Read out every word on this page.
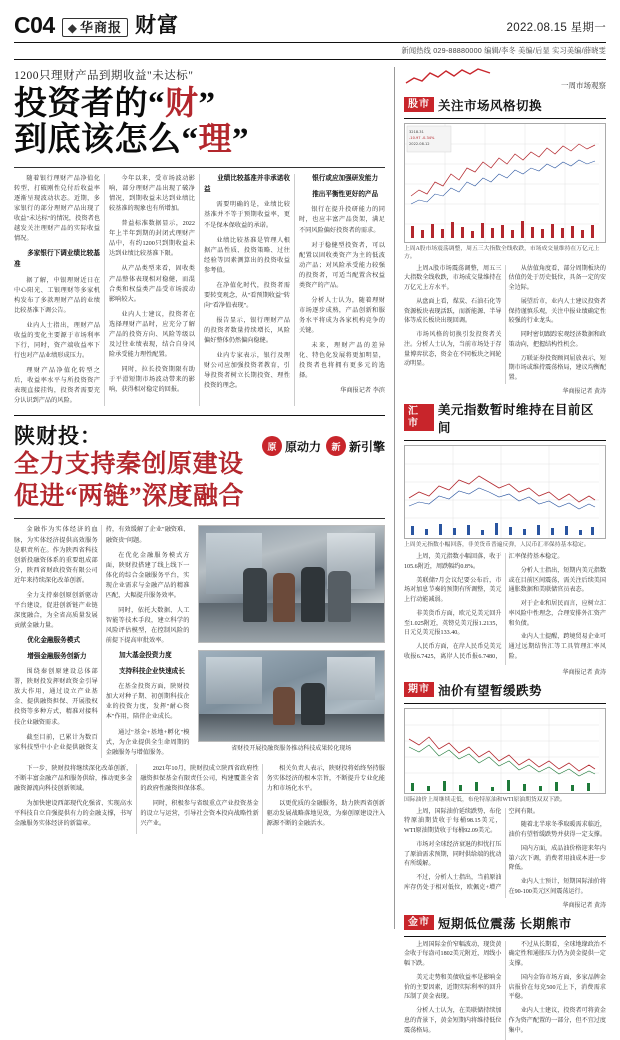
C04 ◆ 华商报 财富	2022.08.15 星期一
新闻热线 029-88880000 编辑/李冬 美编/后显 实习美编/薛晓雯
1200只理财产品到期收益"未达标"
投资者的“财”
到底该怎么“理”

随着银行理财产品净值化转型，打破刚性兑付后收益率逐渐呈现波动状态。近期，多家银行的部分理财产品出现了收益"未达标"的情况，投资者也越发关注理财产品的实际收益情况。

多家银行下调业绩比较基准

据了解，中银理财近日在中心阳光、工银理财等多家机构发布了多款理财产品的业绩比较基准下调公告。

业内人士指出，理财产品收益的变化主要源于市场利率下行，同时，资产端收益率下行也对产品业绩形成压力。

理财产品净值化转型之后，收益率水平与所投资资产表现直接挂钩，投资者需要充分认识到产品的风险。

今年以来，受市场波动影响，部分理财产品出现了破净情况，到期收益未达到业绩比较基准的现象也有所增加。

普益标准数据显示，2022年上半年到期的封闭式理财产品中，有约1200只到期收益未达到业绩比较基准下限。

从产品类型来看，固收类产品整体表现相对稳健，而混合类和权益类产品受市场波动影响较大。

业内人士建议，投资者在选择理财产品时，应充分了解产品的投资方向、风险等级以及过往业绩表现，结合自身风险承受能力理性配置。

同时，拉长投资期限有助于平滑短期市场波动带来的影响，获得相对稳定的回报。

业绩比较基准并非承诺收益

需要明确的是，业绩比较基准并不等于预期收益率，更不是保本保收益的承诺。

业绩比较基准是管理人根据产品性质、投资策略、过往经验等因素测算出的投资收益参考值。

在净值化时代，投资者需要转变观念，从"看预期收益"转向"看净值表现"。

报告显示，银行理财产品的投资者数量持续增长，风险偏好整体仍然偏向稳健。

业内专家表示，银行及理财公司应加强投资者教育，引导投资者树立长期投资、理性投资的理念。

银行或应加强研发能力

推出平衡性更好的产品

银行在提升投研能力的同时，也应丰富产品货架，满足不同风险偏好投资者的需求。

对于稳健型投资者，可以配置以固收类资产为主的低波动产品；对风险承受能力较强的投资者，可适当配置含权益类资产的产品。

分析人士认为，随着理财市场逐步成熟，产品创新和服务水平将成为各家机构竞争的关键。

未来，理财产品的差异化、特色化发展将更加明显，投资者也将拥有更多元的选择。

华商报记者 李滨

陕财投：
全力支持秦创原建设
促进“两链”深度融合
原 原动力	新 新引擎

金融作为实体经济的血脉，为实体经济提供高效服务是职责所在。作为陕西省科技创新投融资体系的重要组成部分，陕西省财政投资有限公司近年来持续深化改革创新。

全力支持秦创原创新驱动平台建设，促进创新链产业链深度融合，为全省高质量发展贡献金融力量。

优化金融服务模式

增强金融服务创新力

围绕秦创原建设总体部署，陕财投发挥财政资金引导放大作用，通过设立产业基金、提供融资担保、开展股权投资等多种方式，精准对接科技企业融资需求。

截至目前，已累计为数百家科技型中小企业提供融资支持，有效缓解了企业"融资难、融资贵"问题。

在优化金融服务模式方面，陕财投搭建了线上线下一体化的综合金融服务平台，实现企业需求与金融产品的精准匹配，大幅提升服务效率。

同时，依托大数据、人工智能等技术手段，建立科学的风险评估模型，在控制风险的前提下提高审批效率。

加大基金投资力度

支持科技企业快速成长

在基金投资方面，陕财投加大对种子期、初创期科技企业的投资力度，发挥"耐心资本"作用，陪伴企业成长。

通过"基金+基地+孵化"模式，为企业提供全生命周期的金融服务与增值服务。	省财投开展投融资服务推动科技成果转化现场

下一步，陕财投将继续深化改革创新，不断丰富金融产品和服务供给，推动更多金融资源流向科技创新领域。

为加快建设西部现代化强省、实现高水平科技自立自强提供有力的金融支撑，书写金融服务实体经济的新篇章。

2021年10月，陕财投成立陕西省政府性融资担保基金有限责任公司，构建覆盖全省的政府性融资担保体系。

同时，积极参与省级重点产业投资基金的设立与运营，引导社会资本投向战略性新兴产业。

相关负责人表示，陕财投将始终坚持服务实体经济的根本宗旨，不断提升专业化能力和市场化水平。

以更优质的金融服务，助力陕西省创新驱动发展战略落地见效，为秦创原建设注入源源不断的金融活水。

一周市场观察
股市 关注市场风格切换
3218.31
-10.97 -0.34%
2022.08.12
上周A股市场震荡调整，周五三大指数全线收跌，市场成交量维持在万亿元上方。

上周A股市场震荡调整，周五三大指数全线收跌，市场成交量维持在万亿元上方水平。

从盘面上看，煤炭、石油石化等资源板块表现活跃，而新能源、半导体等成长板块出现回调。

市场风格的切换引发投资者关注。分析人士认为，当前市场处于存量博弈状态，资金在不同板块之间轮动明显。

从估值角度看，部分周期板块的估值仍处于历史低位，具备一定的安全边际。

展望后市，业内人士建议投资者保持谨慎乐观，关注中报业绩确定性较强的行业龙头。

同时密切跟踪宏观经济数据和政策动向，把握结构性机会。

万联证券投资顾问屈放表示，短期市场或维持震荡格局，建议均衡配置。

华商报记者 黄涛
汇市
美元指数暂时维持在目前区间
上周美元指数小幅回落，非美货币普遍反弹，人民币汇率保持基本稳定。

上周，美元指数小幅回落，收于105.6附近，周跌幅约0.8%。

美联储7月会议纪要公布后，市场对加息节奏的预期有所调整，美元上行动能减弱。

非美货币方面，欧元兑美元回升至1.025附近，英镑兑美元报1.2135，日元兑美元报133.40。

人民币方面，在岸人民币兑美元收报6.7425，离岸人民币报6.7480，汇率保持基本稳定。

分析人士指出，短期内美元指数或在目前区间震荡，需关注后续美国通胀数据和美联储官员表态。

对于企业和居民而言，应树立汇率风险中性理念，合理安排外汇资产和负债。

业内人士提醒，跨境贸易企业可通过远期结售汇等工具管理汇率风险。

华商报记者 黄涛
期市 油价有望暂缓跌势
国际油价上周继续走低，布伦特原油和WTI原油期货双双下跌。

上周，国际油价延续跌势，布伦特原油期货收于每桶98.15美元，WTI原油期货收于每桶92.09美元。

市场对全球经济衰退的担忧打压了原油需求预期，同时供给端的扰动有所缓解。

不过，分析人士指出，当前原油库存仍处于相对低位，欧佩克+增产空间有限。

随着北半球冬季取暖需求临近，油价有望暂缓跌势并获得一定支撑。

国内方面，成品油价格迎来年内第六次下调，消费者用油成本进一步降低。

业内人士预计，短期国际油价将在90-100美元区间震荡运行。

华商报记者 黄涛
金市 短期低位震荡 长期熊市

上周国际金价窄幅波动，现货黄金收于每盎司1802美元附近，周线小幅下跌。

美元走势和美债收益率是影响金价的主要因素，近期实际利率的回升压制了黄金表现。

分析人士认为，在美联储持续加息的背景下，黄金短期内将维持低位震荡格局。

不过从长期看，全球地缘政治不确定性和通胀压力仍为黄金提供一定支撑。

国内金饰市场方面，多家品牌金店报价在每克500元上下，消费需求平稳。

业内人士建议，投资者可将黄金作为资产配置的一部分，但不宜过度集中。
